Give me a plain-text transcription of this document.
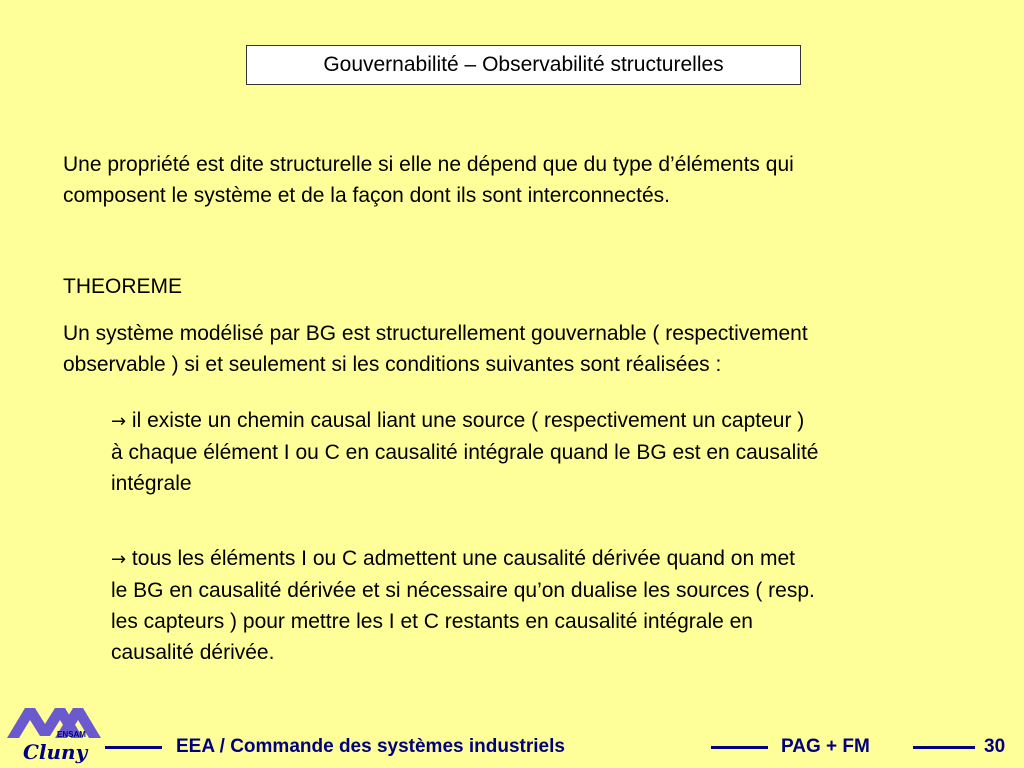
Gouvernabilité – Observabilité structurelles

Une propriété est dite structurelle si elle ne dépend que du type d’éléments qui
composent le système et de la façon dont ils sont interconnectés.

THEOREME

Un système modélisé par BG est structurellement gouvernable ( respectivement
observable ) si et seulement si les conditions suivantes sont réalisées :

→ il existe un chemin causal liant une source ( respectivement un capteur )
à chaque élément I ou C en causalité intégrale quand le BG est en causalité
intégrale

→ tous les éléments I ou C admettent une causalité dérivée quand on met
le BG en causalité dérivée et si nécessaire qu’on dualise les sources ( resp.
les capteurs ) pour mettre les I et C restants en causalité intégrale en
causalité dérivée.

ENSAM
Cluny	EEA / Commande des systèmes industriels	PAG + FM	30
